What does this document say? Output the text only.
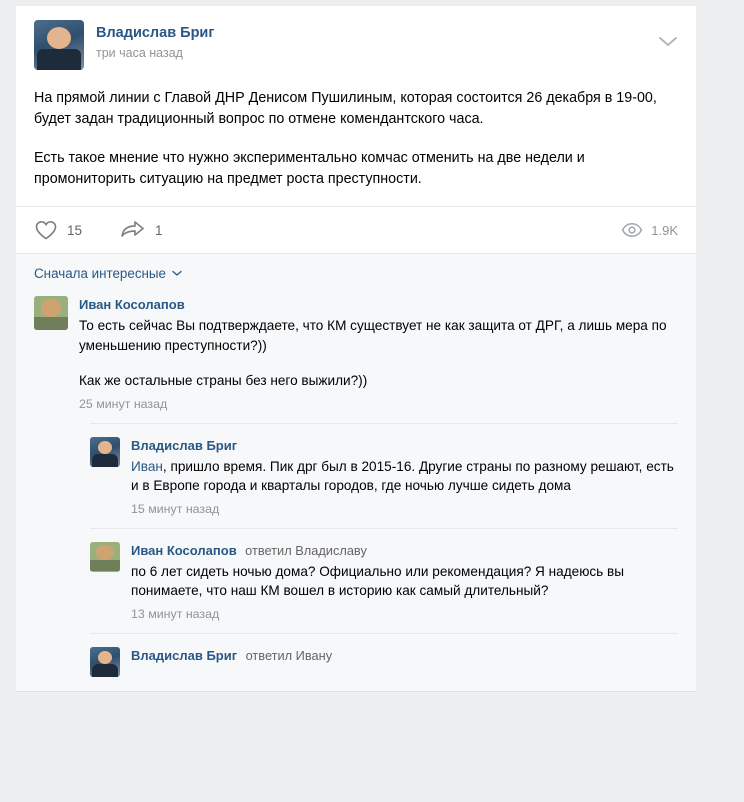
Владислав Бриг
три часа назад

На прямой линии с Главой ДНР Денисом Пушилиным, которая состоится 26 декабря в 19-00, будет задан традиционный вопрос по отмене комендантского часа.

Есть такое мнение что нужно экспериментально комчас отменить на две недели и промониторить ситуацию на предмет роста преступности.

15	1	1.9K
Сначала интересные
Иван Косолапов

То есть сейчас Вы подтверждаете, что КМ существует не как защита от ДРГ, а лишь мера по уменьшению преступности?))

Как же остальные страны без него выжили?))

25 минут назад
Владислав Бриг

Иван, пришло время. Пик дрг был в 2015-16. Другие страны по разному решают, есть и в Европе города и кварталы городов, где ночью лучше сидеть дома

15 минут назад
Иван Косолапов ответил Владиславу

по 6 лет сидеть ночью дома? Официально или рекомендация? Я надеюсь вы понимаете, что наш КМ вошел в историю как самый длительный?

13 минут назад
Владислав Бриг ответил Ивану
